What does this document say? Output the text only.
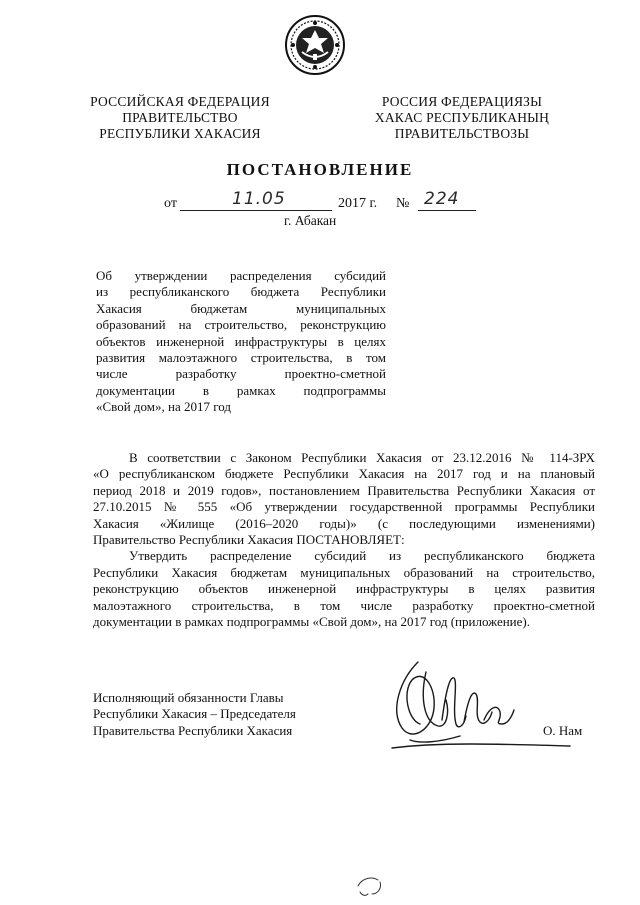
РОССИЙСКАЯ ФЕДЕРАЦИЯ
ПРАВИТЕЛЬСТВО
РЕСПУБЛИКИ ХАКАСИЯ
РОССИЯ ФЕДЕРАЦИЯЗЫ
ХАКАС РЕСПУБЛИКАНЫҢ
ПРАВИТЕЛЬСТВОЗЫ
ПОСТАНОВЛЕНИЕ
от	11.05	2017 г. № 224
г. Абакан
Об утверждении распределения субсидий
из республиканского бюджета Республики
Хакасия бюджетам муниципальных
образований на строительство, реконструкцию
объектов инженерной инфраструктуры в целях
развития малоэтажного строительства, в том
числе разработку проектно-сметной
документации в рамках подпрограммы
«Свой дом», на 2017 год
В соответствии с Законом Республики Хакасия от 23.12.2016 № 114-ЗРХ
«О республиканском бюджете Республики Хакасия на 2017 год и на плановый
период 2018 и 2019 годов», постановлением Правительства Республики Хакасия от
27.10.2015 № 555 «Об утверждении государственной программы Республики
Хакасия «Жилище (2016–2020 годы)» (с последующими изменениями)
Правительство Республики Хакасия ПОСТАНОВЛЯЕТ:
Утвердить распределение субсидий из республиканского бюджета
Республики Хакасия бюджетам муниципальных образований на строительство,
реконструкцию объектов инженерной инфраструктуры в целях развития
малоэтажного строительства, в том числе разработку проектно-сметной
документации в рамках подпрограммы «Свой дом», на 2017 год (приложение).
Исполняющий обязанности Главы
Республики Хакасия – Председателя
Правительства Республики Хакасия	О. Нам
